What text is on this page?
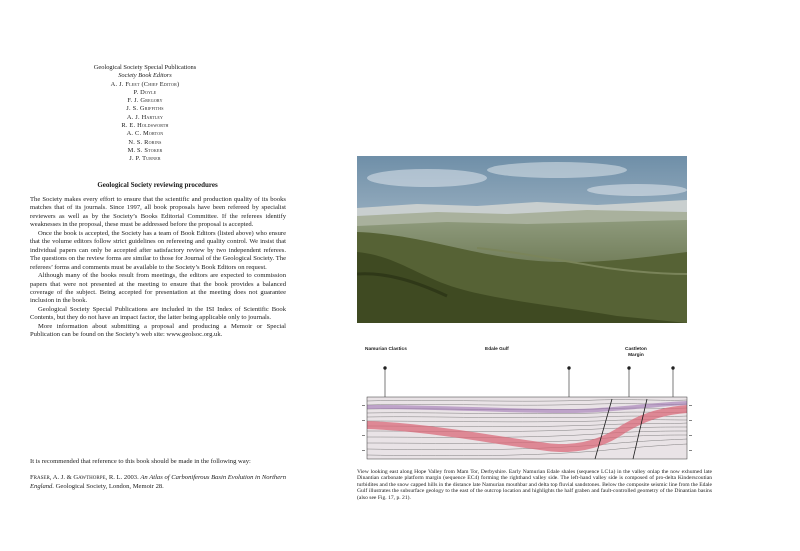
Geological Society Special Publications
Society Book Editors
A. J. Fleet (Chief Editor)
P. Doyle
F. J. Gregory
J. S. Griffiths
A. J. Hartley
R. E. Holdsworth
A. C. Morton
N. S. Robins
M. S. Stoker
J. P. Turner
Geological Society reviewing procedures

The Society makes every effort to ensure that the scientific and production quality of its books matches that of its journals. Since 1997, all book proposals have been refereed by specialist reviewers as well as by the Society’s Books Editorial Committee. If the referees identify weaknesses in the proposal, these must be addressed before the proposal is accepted.

Once the book is accepted, the Society has a team of Book Editors (listed above) who ensure that the volume editors follow strict guidelines on refereeing and quality control. We insist that individual papers can only be accepted after satisfactory review by two independent referees. The questions on the review forms are similar to those for Journal of the Geological Society. The referees’ forms and comments must be available to the Society’s Book Editors on request.

Although many of the books result from meetings, the editors are expected to commission papers that were not presented at the meeting to ensure that the book provides a balanced coverage of the subject. Being accepted for presentation at the meeting does not guarantee inclusion in the book.

Geological Society Special Publications are included in the ISI Index of Scientific Book Contents, but they do not have an impact factor, the latter being applicable only to journals.

More information about submitting a proposal and producing a Memoir or Special Publication can be found on the Society’s web site: www.geolsoc.org.uk.

It is recommended that reference to this book should be made in the following way:

Fraser, A. J. & Gawthorpe, R. L. 2003. An Atlas of Carboniferous Basin Evolution in Northern England. Geological Society, London, Memoir 28.

Namurian Clastics	Edale Gulf	Castleton
Margin
View looking east along Hope Valley from Mam Tor, Derbyshire. Early Namurian Edale shales (sequence LC1a) in the valley onlap the now exhumed late Dinantian carbonate platform margin (sequence EC4) forming the righthand valley side. The left-hand valley side is composed of pro-delta Kinderscoutian turbidites and the snow capped hills in the distance late Namurian mouthbar and delta top fluvial sandstones. Below the composite seismic line from the Edale Gulf illustrates the subsurface geology to the east of the outcrop location and highlights the half graben and fault-controlled geometry of the Dinantian basins (also see Fig. 17, p. 21).
